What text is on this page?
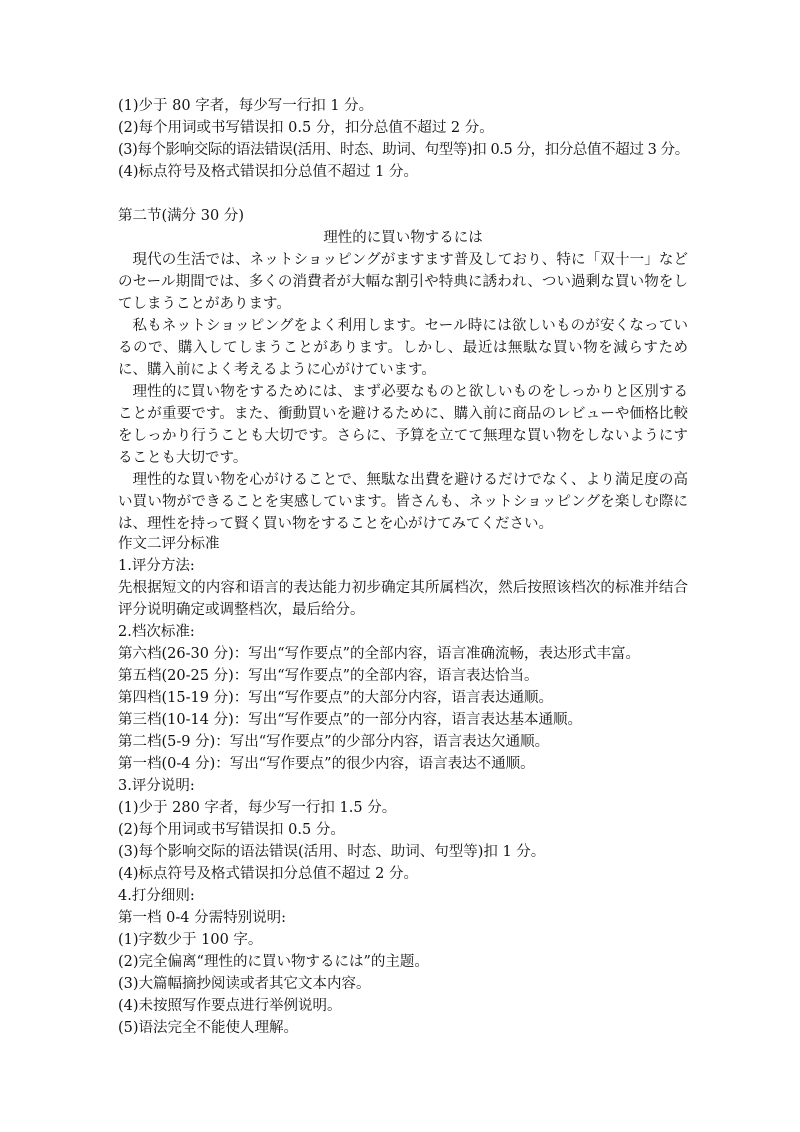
(1)少于 80 字者，每少写一行扣 1 分。

(2)每个用词或书写错误扣 0.5 分，扣分总值不超过 2 分。

(3)每个影响交际的语法错误(活用、时态、助词、句型等)扣 0.5 分，扣分总值不超过 3 分。

(4)标点符号及格式错误扣分总值不超过 1 分。

第二节(满分 30 分)

理性的に買い物するには

現代の生活では、ネットショッピングがますます普及しており、特に「双十一」などのセール期間では、多くの消費者が大幅な割引や特典に誘われ、つい過剰な買い物をしてしまうことがあります。

私もネットショッピングをよく利用します。セール時には欲しいものが安くなっているので、購入してしまうことがあります。しかし、最近は無駄な買い物を減らすために、購入前によく考えるように心がけています。

理性的に買い物をするためには、まず必要なものと欲しいものをしっかりと区別することが重要です。また、衝動買いを避けるために、購入前に商品のレビューや価格比較をしっかり行うことも大切です。さらに、予算を立てて無理な買い物をしないようにすることも大切です。

理性的な買い物を心がけることで、無駄な出費を避けるだけでなく、より満足度の高い買い物ができることを実感しています。皆さんも、ネットショッピングを楽しむ際には、理性を持って賢く買い物をすることを心がけてみてください。

作文二评分标准

1.评分方法:

先根据短文的内容和语言的表达能力初步确定其所属档次，然后按照该档次的标准并结合评分说明确定或调整档次，最后给分。

2.档次标准:

第六档(26-30 分)：写出“写作要点”的全部内容，语言准确流畅，表达形式丰富。

第五档(20-25 分)：写出“写作要点”的全部内容，语言表达恰当。

第四档(15-19 分)：写出“写作要点”的大部分内容，语言表达通顺。

第三档(10-14 分)：写出“写作要点”的一部分内容，语言表达基本通顺。

第二档(5-9 分)：写出“写作要点”的少部分内容，语言表达欠通顺。

第一档(0-4 分)：写出“写作要点”的很少内容，语言表达不通顺。

3.评分说明:

(1)少于 280 字者，每少写一行扣 1.5 分。

(2)每个用词或书写错误扣 0.5 分。

(3)每个影响交际的语法错误(活用、时态、助词、句型等)扣 1 分。

(4)标点符号及格式错误扣分总值不超过 2 分。

4.打分细则:

第一档 0-4 分需特别说明:

(1)字数少于 100 字。

(2)完全偏离“理性的に買い物するには”的主题。

(3)大篇幅摘抄阅读或者其它文本内容。

(4)未按照写作要点进行举例说明。

(5)语法完全不能使人理解。
